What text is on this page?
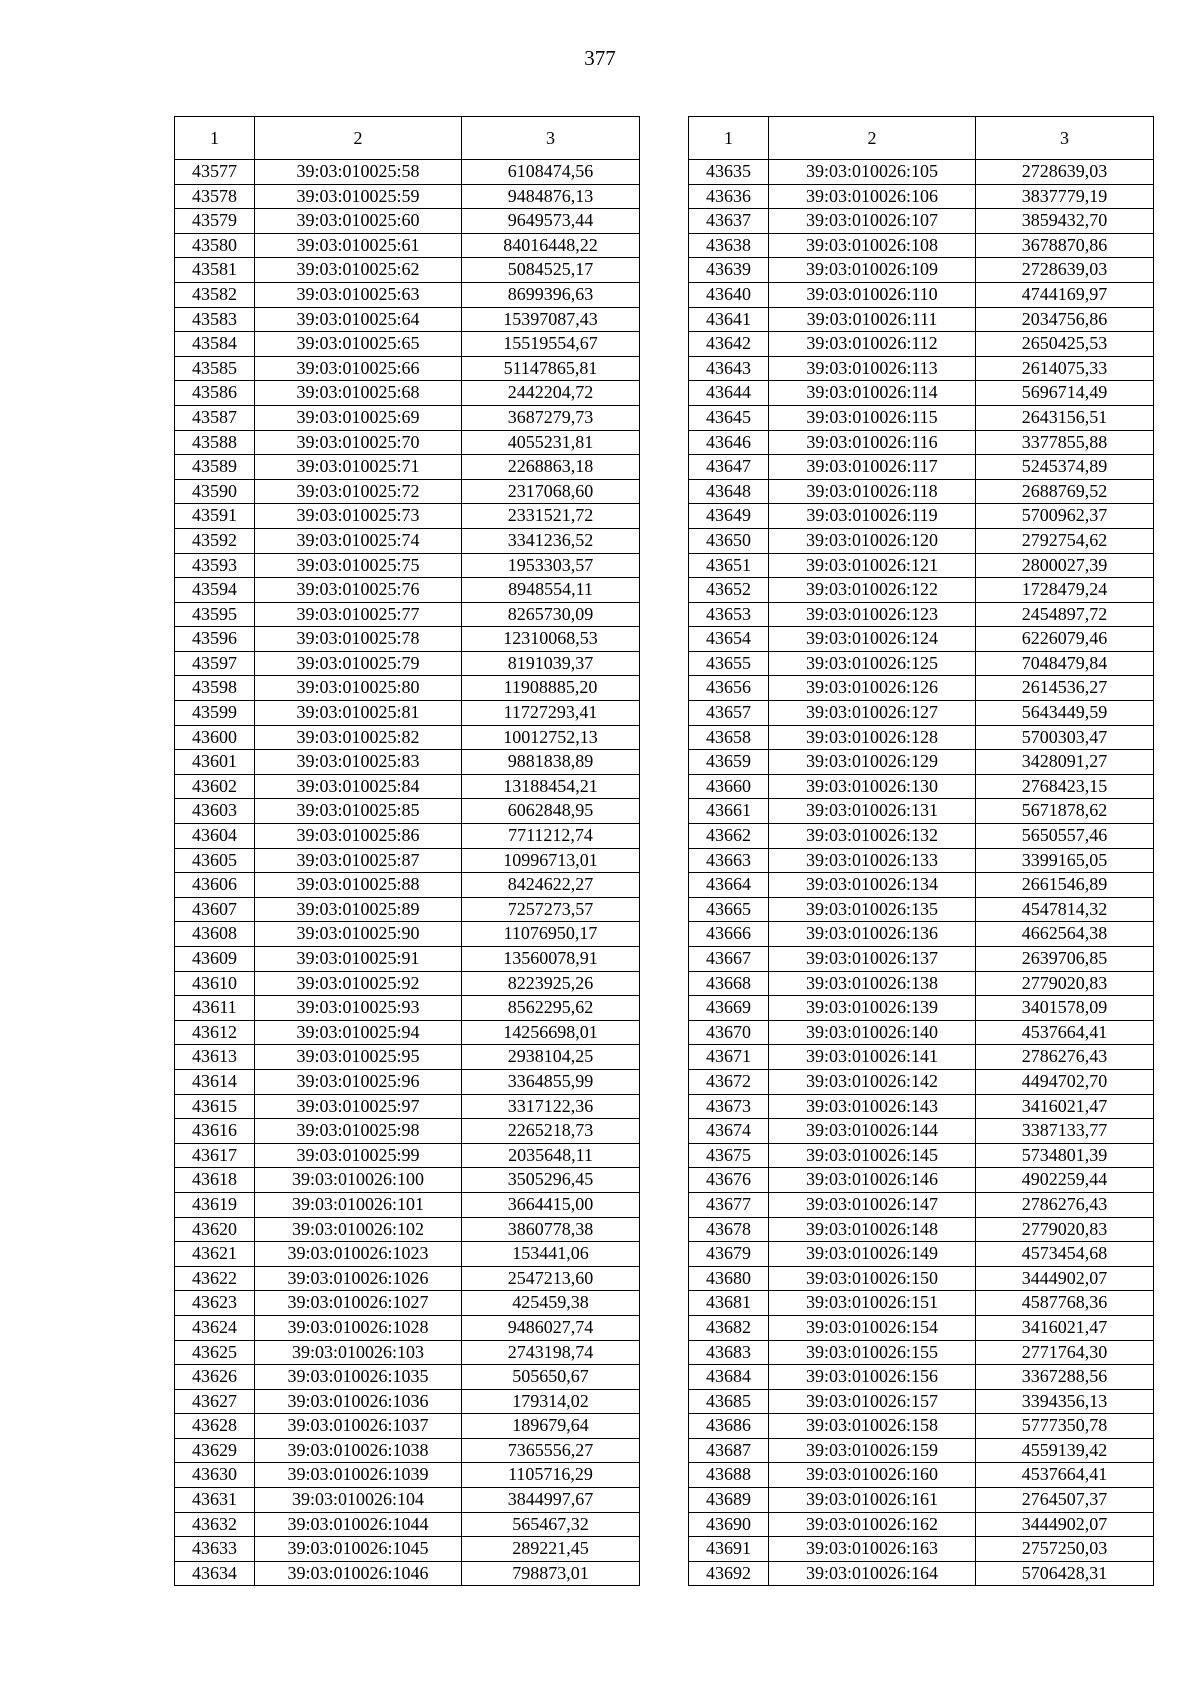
377
1	2	3
43577	39:03:010025:58	6108474,56
43578	39:03:010025:59	9484876,13
43579	39:03:010025:60	9649573,44
43580	39:03:010025:61	84016448,22
43581	39:03:010025:62	5084525,17
43582	39:03:010025:63	8699396,63
43583	39:03:010025:64	15397087,43
43584	39:03:010025:65	15519554,67
43585	39:03:010025:66	51147865,81
43586	39:03:010025:68	2442204,72
43587	39:03:010025:69	3687279,73
43588	39:03:010025:70	4055231,81
43589	39:03:010025:71	2268863,18
43590	39:03:010025:72	2317068,60
43591	39:03:010025:73	2331521,72
43592	39:03:010025:74	3341236,52
43593	39:03:010025:75	1953303,57
43594	39:03:010025:76	8948554,11
43595	39:03:010025:77	8265730,09
43596	39:03:010025:78	12310068,53
43597	39:03:010025:79	8191039,37
43598	39:03:010025:80	11908885,20
43599	39:03:010025:81	11727293,41
43600	39:03:010025:82	10012752,13
43601	39:03:010025:83	9881838,89
43602	39:03:010025:84	13188454,21
43603	39:03:010025:85	6062848,95
43604	39:03:010025:86	7711212,74
43605	39:03:010025:87	10996713,01
43606	39:03:010025:88	8424622,27
43607	39:03:010025:89	7257273,57
43608	39:03:010025:90	11076950,17
43609	39:03:010025:91	13560078,91
43610	39:03:010025:92	8223925,26
43611	39:03:010025:93	8562295,62
43612	39:03:010025:94	14256698,01
43613	39:03:010025:95	2938104,25
43614	39:03:010025:96	3364855,99
43615	39:03:010025:97	3317122,36
43616	39:03:010025:98	2265218,73
43617	39:03:010025:99	2035648,11
43618	39:03:010026:100	3505296,45
43619	39:03:010026:101	3664415,00
43620	39:03:010026:102	3860778,38
43621	39:03:010026:1023	153441,06
43622	39:03:010026:1026	2547213,60
43623	39:03:010026:1027	425459,38
43624	39:03:010026:1028	9486027,74
43625	39:03:010026:103	2743198,74
43626	39:03:010026:1035	505650,67
43627	39:03:010026:1036	179314,02
43628	39:03:010026:1037	189679,64
43629	39:03:010026:1038	7365556,27
43630	39:03:010026:1039	1105716,29
43631	39:03:010026:104	3844997,67
43632	39:03:010026:1044	565467,32
43633	39:03:010026:1045	289221,45
43634	39:03:010026:1046	798873,01
1	2	3
43635	39:03:010026:105	2728639,03
43636	39:03:010026:106	3837779,19
43637	39:03:010026:107	3859432,70
43638	39:03:010026:108	3678870,86
43639	39:03:010026:109	2728639,03
43640	39:03:010026:110	4744169,97
43641	39:03:010026:111	2034756,86
43642	39:03:010026:112	2650425,53
43643	39:03:010026:113	2614075,33
43644	39:03:010026:114	5696714,49
43645	39:03:010026:115	2643156,51
43646	39:03:010026:116	3377855,88
43647	39:03:010026:117	5245374,89
43648	39:03:010026:118	2688769,52
43649	39:03:010026:119	5700962,37
43650	39:03:010026:120	2792754,62
43651	39:03:010026:121	2800027,39
43652	39:03:010026:122	1728479,24
43653	39:03:010026:123	2454897,72
43654	39:03:010026:124	6226079,46
43655	39:03:010026:125	7048479,84
43656	39:03:010026:126	2614536,27
43657	39:03:010026:127	5643449,59
43658	39:03:010026:128	5700303,47
43659	39:03:010026:129	3428091,27
43660	39:03:010026:130	2768423,15
43661	39:03:010026:131	5671878,62
43662	39:03:010026:132	5650557,46
43663	39:03:010026:133	3399165,05
43664	39:03:010026:134	2661546,89
43665	39:03:010026:135	4547814,32
43666	39:03:010026:136	4662564,38
43667	39:03:010026:137	2639706,85
43668	39:03:010026:138	2779020,83
43669	39:03:010026:139	3401578,09
43670	39:03:010026:140	4537664,41
43671	39:03:010026:141	2786276,43
43672	39:03:010026:142	4494702,70
43673	39:03:010026:143	3416021,47
43674	39:03:010026:144	3387133,77
43675	39:03:010026:145	5734801,39
43676	39:03:010026:146	4902259,44
43677	39:03:010026:147	2786276,43
43678	39:03:010026:148	2779020,83
43679	39:03:010026:149	4573454,68
43680	39:03:010026:150	3444902,07
43681	39:03:010026:151	4587768,36
43682	39:03:010026:154	3416021,47
43683	39:03:010026:155	2771764,30
43684	39:03:010026:156	3367288,56
43685	39:03:010026:157	3394356,13
43686	39:03:010026:158	5777350,78
43687	39:03:010026:159	4559139,42
43688	39:03:010026:160	4537664,41
43689	39:03:010026:161	2764507,37
43690	39:03:010026:162	3444902,07
43691	39:03:010026:163	2757250,03
43692	39:03:010026:164	5706428,31
